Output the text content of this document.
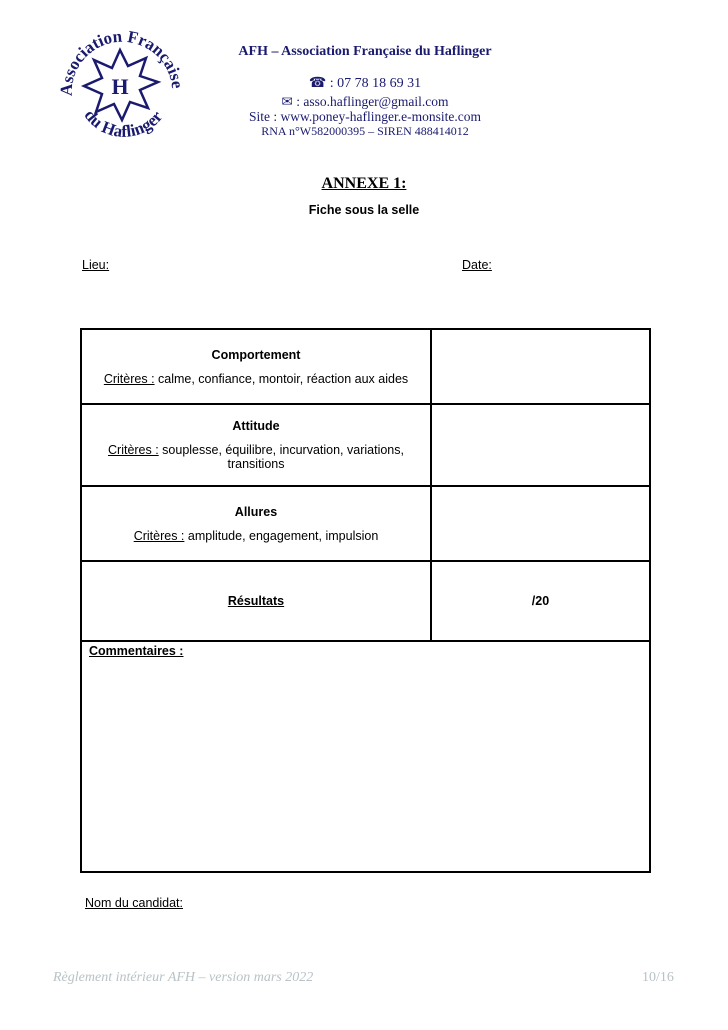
Association Française
du Haflinger
H
AFH – Association Française du Haflinger
☎ : 07 78 18 69 31
✉ : asso.haflinger@gmail.com
Site : www.poney-haflinger.e-monsite.com
RNA n°W582000395 – SIREN 488414012
ANNEXE 1:
Fiche sous la selle
Lieu:	Date:
Comportement
Critères : calme, confiance, montoir, réaction aux aides	

Attitude
Critères : souplesse, équilibre, incurvation, variations, transitions	

Allures
Critères : amplitude, engagement, impulsion	

Résultats	/20
Commentaires :	
Nom du candidat:
Règlement intérieur AFH – version mars 2022	10/16
